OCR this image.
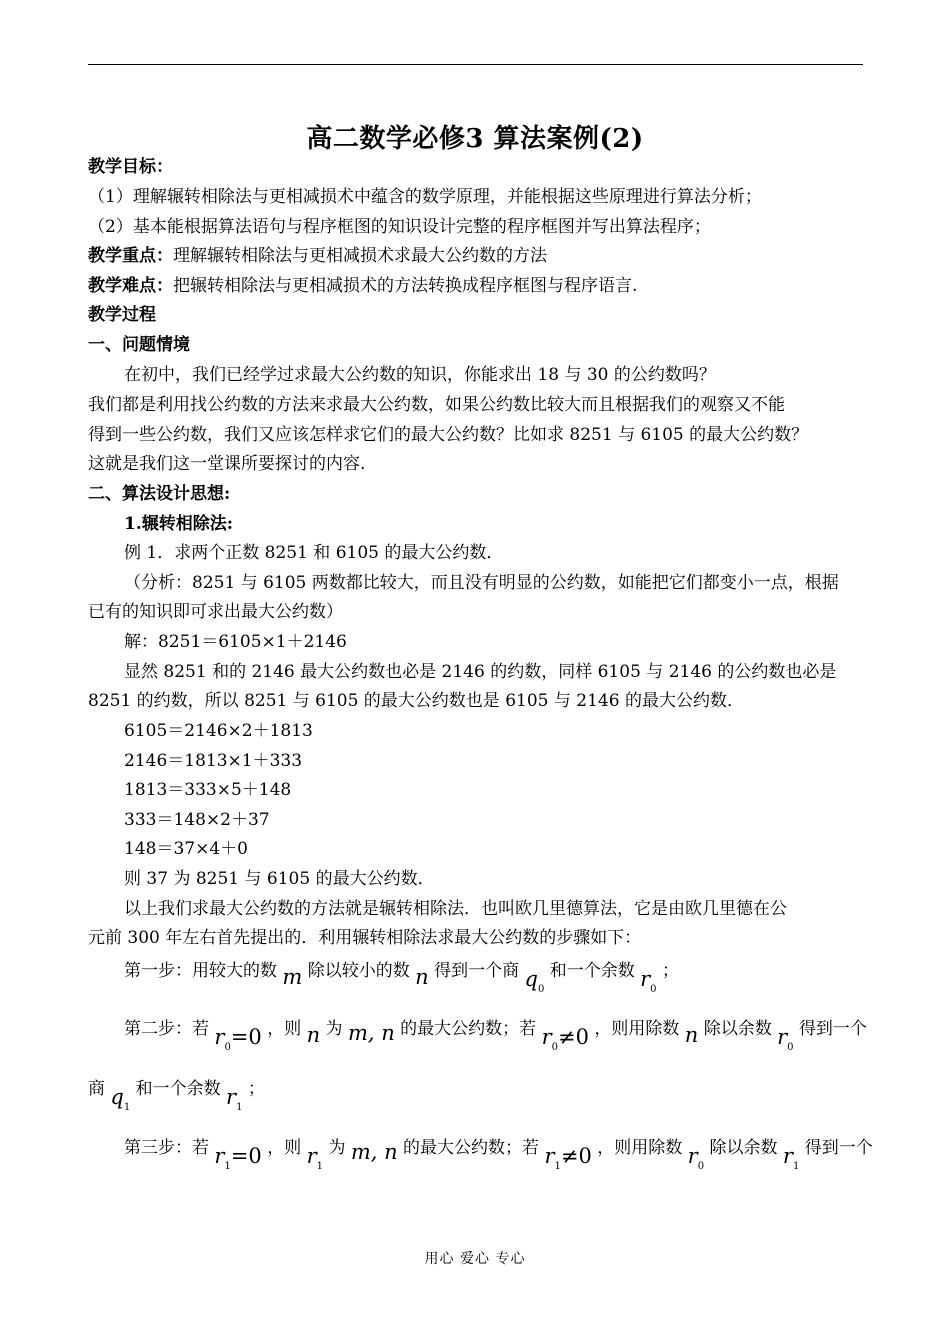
高二数学必修3 算法案例(2)
教学目标：
（1）理解辗转相除法与更相减损术中蕴含的数学原理，并能根据这些原理进行算法分析；
（2）基本能根据算法语句与程序框图的知识设计完整的程序框图并写出算法程序；
教学重点：理解辗转相除法与更相减损术求最大公约数的方法
教学难点：把辗转相除法与更相减损术的方法转换成程序框图与程序语言.
教学过程
一、问题情境
在初中，我们已经学过求最大公约数的知识，你能求出 18 与 30 的公约数吗？
我们都是利用找公约数的方法来求最大公约数，如果公约数比较大而且根据我们的观察又不能
得到一些公约数，我们又应该怎样求它们的最大公约数？比如求 8251 与 6105 的最大公约数？
这就是我们这一堂课所要探讨的内容.
二、算法设计思想:
1.辗转相除法:
例 1．求两个正数 8251 和 6105 的最大公约数．
（分析：8251 与 6105 两数都比较大，而且没有明显的公约数，如能把它们都变小一点，根据
已有的知识即可求出最大公约数）
解：8251＝6105×1＋2146
显然 8251 和的 2146 最大公约数也必是 2146 的约数，同样 6105 与 2146 的公约数也必是
8251 的约数，所以 8251 与 6105 的最大公约数也是 6105 与 2146 的最大公约数．
6105＝2146×2＋1813
2146＝1813×1＋333
1813＝333×5＋148
333＝148×2＋37
148＝37×4＋0
则 37 为 8251 与 6105 的最大公约数．
以上我们求最大公约数的方法就是辗转相除法．也叫欧几里德算法，它是由欧几里德在公
元前 300 年左右首先提出的．利用辗转相除法求最大公约数的步骤如下：
第一步：用较大的数 m 除以较小的数 n 得到一个商 $q_0$ 和一个余数 $r_0$ ；
第二步：若 $r_0=0$ ，则 n 为 m, n 的最大公约数；若 $r_0\ne 0$ ，则用除数 n 除以余数 $r_0$ 得到一个
商 $q_1$ 和一个余数 $r_1$ ；
第三步：若 $r_1=0$ ，则 $r_1$ 为 m, n 的最大公约数；若 $r_1\ne 0$ ，则用除数 $r_0$ 除以余数 $r_1$ 得到一个
用心 爱心 专心
